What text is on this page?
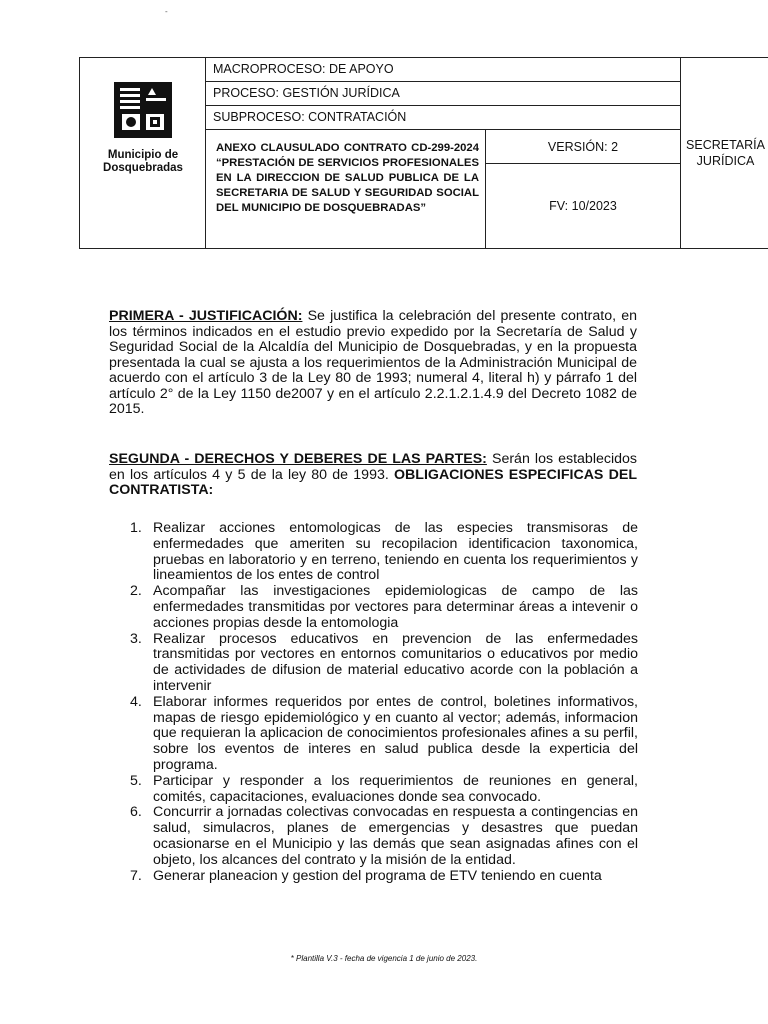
-
Municipio de
Dosquebradas
MACROPROCESO: DE APOYO
PROCESO: GESTIÓN JURÍDICA
SUBPROCESO: CONTRATACIÓN
ANEXO CLAUSULADO CONTRATO CD-299-2024 “PRESTACIÓN DE SERVICIOS PROFESIONALES EN LA DIRECCION DE SALUD PUBLICA DE LA SECRETARIA DE SALUD Y SEGURIDAD SOCIAL DEL MUNICIPIO DE DOSQUEBRADAS”
VERSIÓN: 2
FV: 10/2023
SECRETARÍA JURÍDICA
PRIMERA - JUSTIFICACIÓN: Se justifica la celebración del presente contrato, en los términos indicados en el estudio previo expedido por la Secretaría de Salud y Seguridad Social de la Alcaldía del Municipio de Dosquebradas, y en la propuesta presentada la cual se ajusta a los requerimientos de la Administración Municipal de acuerdo con el artículo 3 de la Ley 80 de 1993; numeral 4, literal h) y párrafo 1 del artículo 2° de la Ley 1150 de2007 y en el artículo 2.2.1.2.1.4.9 del Decreto 1082 de 2015.
SEGUNDA - DERECHOS Y DEBERES DE LAS PARTES: Serán los establecidos en los artículos 4 y 5 de la ley 80 de 1993. OBLIGACIONES ESPECIFICAS DEL CONTRATISTA:
1. Realizar acciones entomologicas de las especies transmisoras de enfermedades que ameriten su recopilacion identificacion taxonomica, pruebas en laboratorio y en terreno, teniendo en cuenta los requerimientos y lineamientos de los entes de control
2. Acompañar las investigaciones epidemiologicas de campo de las enfermedades transmitidas por vectores para determinar áreas a intevenir o acciones propias desde la entomologia
3. Realizar procesos educativos en prevencion de las enfermedades transmitidas por vectores en entornos comunitarios o educativos por medio de actividades de difusion de material educativo acorde con la población a intervenir
4. Elaborar informes requeridos por entes de control, boletines informativos, mapas de riesgo epidemiológico y en cuanto al vector; además, informacion que requieran la aplicacion de conocimientos profesionales afines a su perfil, sobre los eventos de interes en salud publica desde la experticia del programa.
5. Participar y responder a los requerimientos de reuniones en general, comités, capacitaciones, evaluaciones donde sea convocado.
6. Concurrir a jornadas colectivas convocadas en respuesta a contingencias en salud, simulacros, planes de emergencias y desastres que puedan ocasionarse en el Municipio y las demás que sean asignadas afines con el objeto, los alcances del contrato y la misión de la entidad.
7. Generar planeacion y gestion del programa de ETV teniendo en cuenta
* Plantilla V.3 - fecha de vigencia 1 de junio de 2023.
